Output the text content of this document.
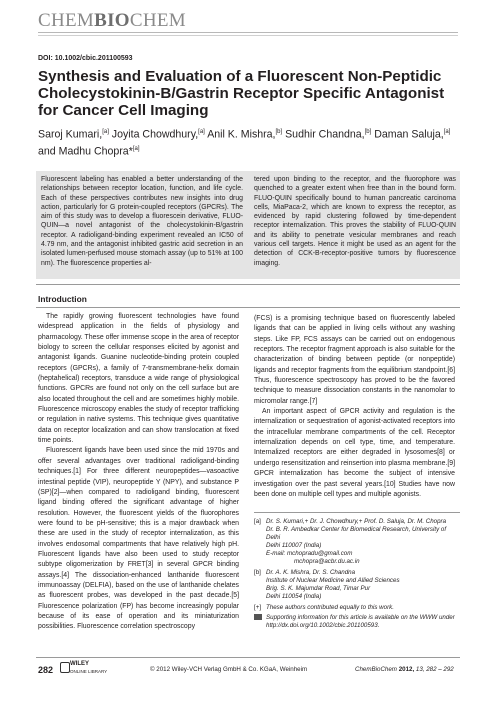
CHEMBIOCHEM
DOI: 10.1002/cbic.201100593
Synthesis and Evaluation of a Fluorescent Non-Peptidic Cholecystokinin-B/Gastrin Receptor Specific Antagonist for Cancer Cell Imaging
Saroj Kumari,[a] Joyita Chowdhury,[a] Anil K. Mishra,[b] Sudhir Chandna,[b] Daman Saluja,[a] and Madhu Chopra*[a]
Fluorescent labeling has enabled a better understanding of the relationships between receptor location, function, and life cycle. Each of these perspectives contributes new insights into drug action, particularly for G protein-coupled receptors (GPCRs). The aim of this study was to develop a fluorescein derivative, FLUO-QUIN—a novel antagonist of the cholecystokinin-B/gastrin receptor. A radioligand-binding experiment revealed an IC50 of 4.79 nm, and the antagonist inhibited gastric acid secretion in an isolated lumen-perfused mouse stomach assay (up to 51% at 100 nm). The fluorescence properties al-
tered upon binding to the receptor, and the fluorophore was quenched to a greater extent when free than in the bound form. FLUO-QUIN specifically bound to human pancreatic carcinoma cells, MiaPaca-2, which are known to express the receptor, as evidenced by rapid clustering followed by time-dependent receptor internalization. This proves the stability of FLUO-QUIN and its ability to penetrate vesicular membranes and reach various cell targets. Hence it might be used as an agent for the detection of CCK-B-receptor-positive tumors by fluorescence imaging.
Introduction

The rapidly growing fluorescent technologies have found widespread application in the fields of physiology and pharmacology. These offer immense scope in the area of receptor biology to screen the cellular responses elicited by agonist and antagonist ligands. Guanine nucleotide-binding protein coupled receptors (GPCRs), a family of 7-transmembrane-helix domain (heptahelical) receptors, transduce a wide range of physiological functions. GPCRs are found not only on the cell surface but are also located throughout the cell and are sometimes highly mobile. Fluorescence microscopy enables the study of receptor trafficking or regulation in native systems. This technique gives quantitative data on receptor localization and can show translocation at fixed time points.

Fluorescent ligands have been used since the mid 1970s and offer several advantages over traditional radioligand-binding techniques.[1] For three different neuropeptides—vasoactive intestinal peptide (VIP), neuropeptide Y (NPY), and substance P (SP)[2]—when compared to radioligand binding, fluorescent ligand binding offered the significant advantage of higher resolution. However, the fluorescent yields of the fluorophores were found to be pH-sensitive; this is a major drawback when these are used in the study of receptor internalization, as this involves endosomal compartments that have relatively high pH. Fluorescent ligands have also been used to study receptor subtype oligomerization by FRET[3] in several GPCR binding assays.[4] The dissociation-enhanced lanthanide fluorescent immunoassay (DELFIA), based on the use of lanthanide chelates as fluorescent probes, was developed in the past decade.[5] Fluorescence polarization (FP) has become increasingly popular because of its ease of operation and its miniaturization possibilities. Fluorescence correlation spectroscopy

(FCS) is a promising technique based on fluorescently labeled ligands that can be applied in living cells without any washing steps. Like FP, FCS assays can be carried out on endogenous receptors. The receptor fragment approach is also suitable for the characterization of binding between peptide (or nonpeptide) ligands and receptor fragments from the equilibrium standpoint.[6] Thus, fluorescence spectroscopy has proved to be the favored technique to measure dissociation constants in the nanomolar to micromolar range.[7]

An important aspect of GPCR activity and regulation is the internalization or sequestration of agonist-activated receptors into the intracellular membrane compartments of the cell. Receptor internalization depends on cell type, time, and temperature. Internalized receptors are either degraded in lysosomes[8] or undergo resensitization and reinsertion into plasma membrane.[9] GPCR internalization has become the subject of intensive investigation over the past several years.[10] Studies have now been done on multiple cell types and multiple agonists.

[a] Dr. S. Kumari,+ Dr. J. Chowdhury,+ Prof. D. Saluja, Dr. M. Chopra
Dr. B. R. Ambedkar Center for Biomedical Research, University of Delhi
Delhi 110007 (India)
E-mail: mchopradu@gmail.com
mchopra@acbr.du.ac.in
[b] Dr. A. K. Mishra, Dr. S. Chandna
Institute of Nuclear Medicine and Allied Sciences
Brig. S. K. Majumdar Road, Timar Pur
Delhi 110054 (India)
[+] These authors contributed equally to this work.
Supporting information for this article is available on the WWW under http://dx.doi.org/10.1002/cbic.201100593.
282
WILEY
ONLINE LIBRARY	© 2012 Wiley-VCH Verlag GmbH & Co. KGaA, Weinheim	ChemBioChem 2012, 13, 282 – 292
